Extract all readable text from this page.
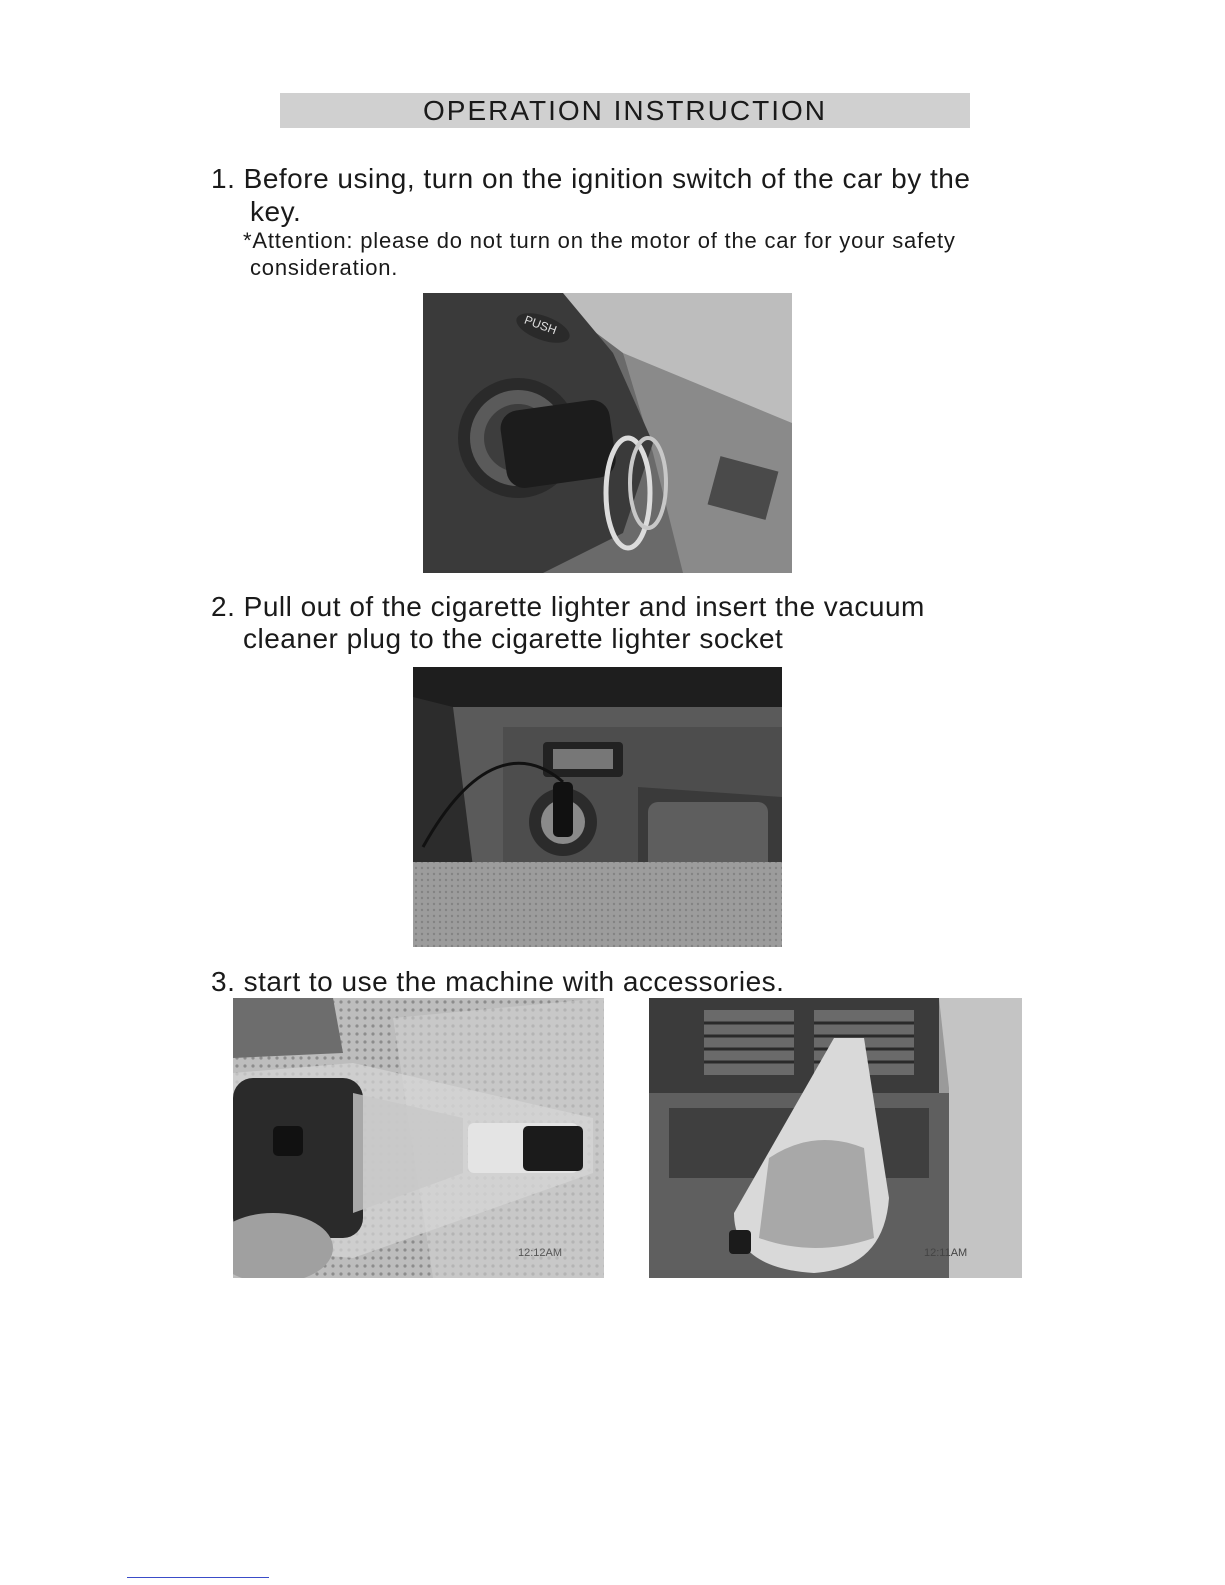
OPERATION INSTRUCTION
1. Before using, turn on the ignition switch of the car by the
key.
*Attention: please do not turn on the motor of the car for your safety
consideration.
PUSH
2. Pull out of the cigarette lighter and insert the vacuum
cleaner plug to the cigarette lighter socket
3. start to use the machine with accessories.
12:12AM	12:11AM
